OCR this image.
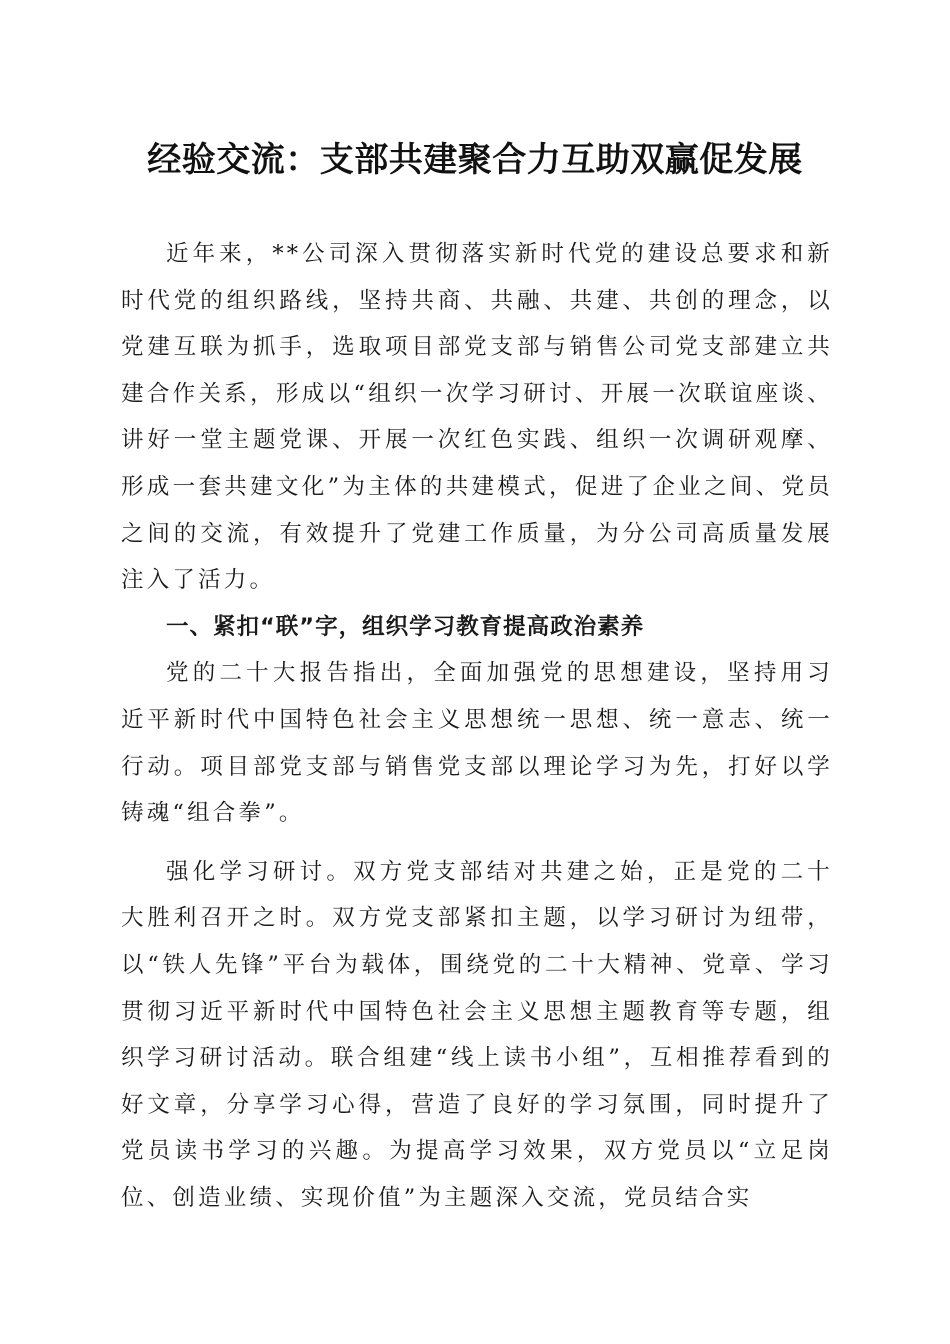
经验交流：支部共建聚合力互助双赢促发展

近年来，**公司深入贯彻落实新时代党的建设总要求和新时代党的组织路线，坚持共商、共融、共建、共创的理念，以党建互联为抓手，选取项目部党支部与销售公司党支部建立共建合作关系，形成以“组织一次学习研讨、开展一次联谊座谈、讲好一堂主题党课、开展一次红色实践、组织一次调研观摩、形成一套共建文化”为主体的共建模式，促进了企业之间、党员之间的交流，有效提升了党建工作质量，为分公司高质量发展注入了活力。

一、紧扣“联”字，组织学习教育提高政治素养

党的二十大报告指出，全面加强党的思想建设，坚持用习近平新时代中国特色社会主义思想统一思想、统一意志、统一行动。项目部党支部与销售党支部以理论学习为先，打好以学铸魂“组合拳”。

强化学习研讨。双方党支部结对共建之始，正是党的二十大胜利召开之时。双方党支部紧扣主题，以学习研讨为纽带，以“铁人先锋”平台为载体，围绕党的二十大精神、党章、学习贯彻习近平新时代中国特色社会主义思想主题教育等专题，组织学习研讨活动。联合组建“线上读书小组”，互相推荐看到的好文章，分享学习心得，营造了良好的学习氛围，同时提升了党员读书学习的兴趣。为提高学习效果，双方党员以“立足岗位、创造业绩、实现价值”为主题深入交流，党员结合实
